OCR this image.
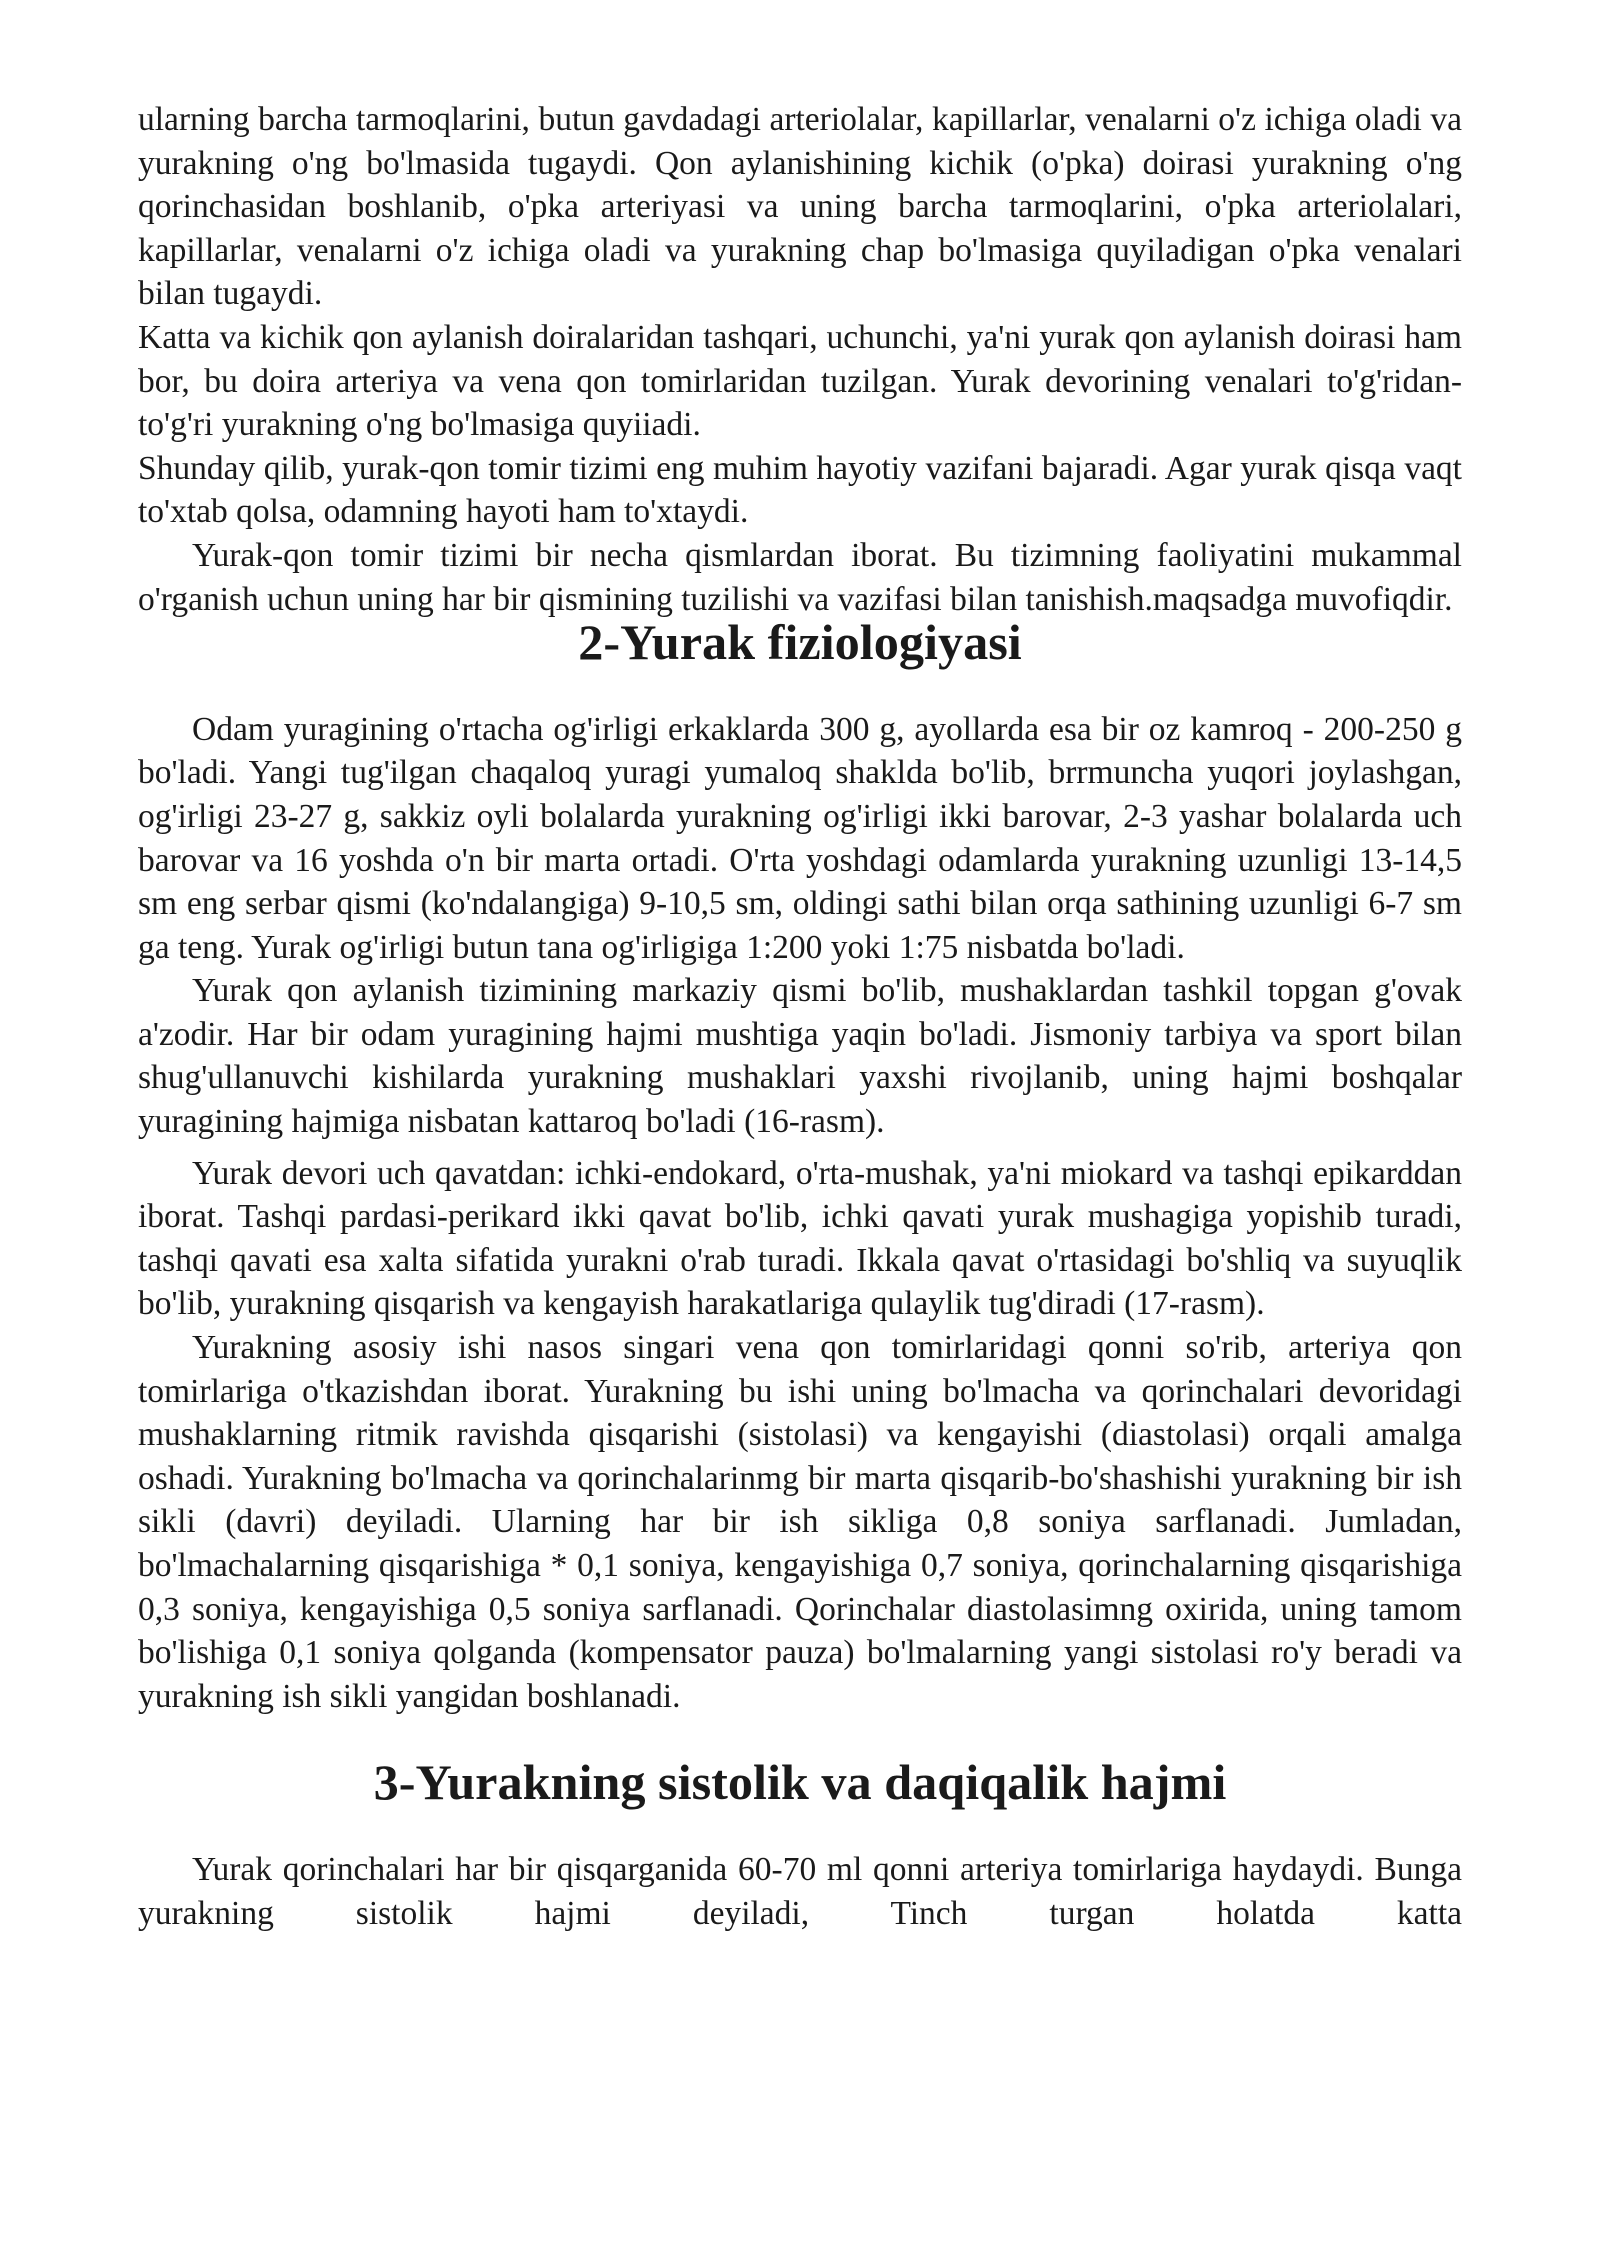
ularning barcha tarmoqlarini, butun gavdadagi arteriolalar, kapillarlar, venalarni o'z ichiga oladi va yurakning o'ng bo'lmasida tugaydi. Qon aylanishining kichik (o'pka) doirasi yurakning o'ng qorinchasidan boshlanib, o'pka arteriyasi va uning barcha tarmoqlarini, o'pka arteriolalari, kapillarlar, venalarni o'z ichiga oladi va yurakning chap bo'lmasiga quyiladigan o'pka venalari bilan tugaydi.

Katta va kichik qon aylanish doiralaridan tashqari, uchunchi, ya'ni yurak qon aylanish doirasi ham bor, bu doira arteriya va vena qon tomirlaridan tuzilgan. Yurak devorining venalari to'g'ridan-to'g'ri yurakning o'ng bo'lmasiga quyiiadi.

Shunday qilib, yurak-qon tomir tizimi eng muhim hayotiy vazifani bajaradi. Agar yurak qisqa vaqt to'xtab qolsa, odamning hayoti ham to'xtaydi.

Yurak-qon tomir tizimi bir necha qismlardan iborat. Bu tizimning faoliyatini mukammal o'rganish uchun uning har bir qismining tuzilishi va vazifasi bilan tanishish.maqsadga muvofiqdir.

2-Yurak fiziologiyasi

Odam yuragining o'rtacha og'irligi erkaklarda 300 g, ayollarda esa bir oz kamroq - 200-250 g bo'ladi. Yangi tug'ilgan chaqaloq yuragi yumaloq shakldа bo'lib, brrmuncha yuqori joylashgan, og'irligi 23-27 g, sakkiz oyli bolalarda yurakning og'irligi ikki barovar, 2-3 yashar bolalarda uch barovar va 16 yoshda o'n bir marta ortadi. O'rta yoshdagi odamlarda yurakning uzunligi 13-14,5 sm eng serbar qismi (ko'ndalangiga) 9-10,5 sm, oldingi sathi bilan orqa sathining uzunligi 6-7 sm ga teng. Yurak og'irligi butun tana og'irligiga 1:200 yoki 1:75 nisbatda bo'ladi.

Yurak qon aylanish tizimining markaziy qismi bo'lib, mushaklardan tashkil topgan g'ovak a'zodir. Har bir odam yuragining hajmi mushtiga yaqin bo'ladi. Jismoniy tarbiya va sport bilan shug'ullanuvchi kishilarda yurakning mushaklari yaxshi rivojlanib, uning hajmi boshqalar yuragining hajmiga nisbatan kattaroq bo'ladi (16-rasm).

Yurak devori uch qavatdan: ichki-endokard, o'rta-mushak, ya'ni miokard va tashqi epikarddan iborat. Tashqi pardasi-perikard ikki qavat bo'lib, ichki qavati yurak mushagiga yopishib turadi, tashqi qavati esa xalta sifatida yurakni o'rab turadi. Ikkala qavat o'rtasidagi bo'shliq va suyuqlik bo'lib, yurakning qisqarish va kengayish harakatlariga qulaylik tug'diradi (17-rasm).

Yurakning asosiy ishi nasos singari vena qon tomirlaridagi qonni so'rib, arteriya qon tomirlariga o'tkazishdan iborat. Yurakning bu ishi uning bo'lmacha va qorinchalari devoridagi mushaklarning ritmik ravishda qisqarishi (sistolasi) va kengayishi (diastolasi) orqali amalga oshadi. Yurakning bo'lmacha va qorinchalarinmg bir marta qisqarib-bo'shashishi yurakning bir ish sikli (davri) deyiladi. Ularning har bir ish sikliga 0,8 soniya sarflanadi. Jumladan, bo'lmachalarning qisqarishiga * 0,1 soniya, kengayishiga 0,7 soniya, qorinchalarning qisqarishiga 0,3 soniya, kengayishiga 0,5 soniya sarflanadi. Qorinchalar diastolasimng oxirida, uning tamom bo'lishiga 0,1 soniya qolganda (kompensator pauza) bo'lmalarning yangi sistolasi ro'y beradi va yurakning ish sikli yangidan boshlanadi.

3-Yurakning sistolik va daqiqalik hajmi

Yurak qorinchalari har bir qisqarganida 60-70 ml qonni arteriya tomirlariga haydaydi. Bunga yurakning sistolik hajmi deyiladi, Tinch turgan holatda katta
